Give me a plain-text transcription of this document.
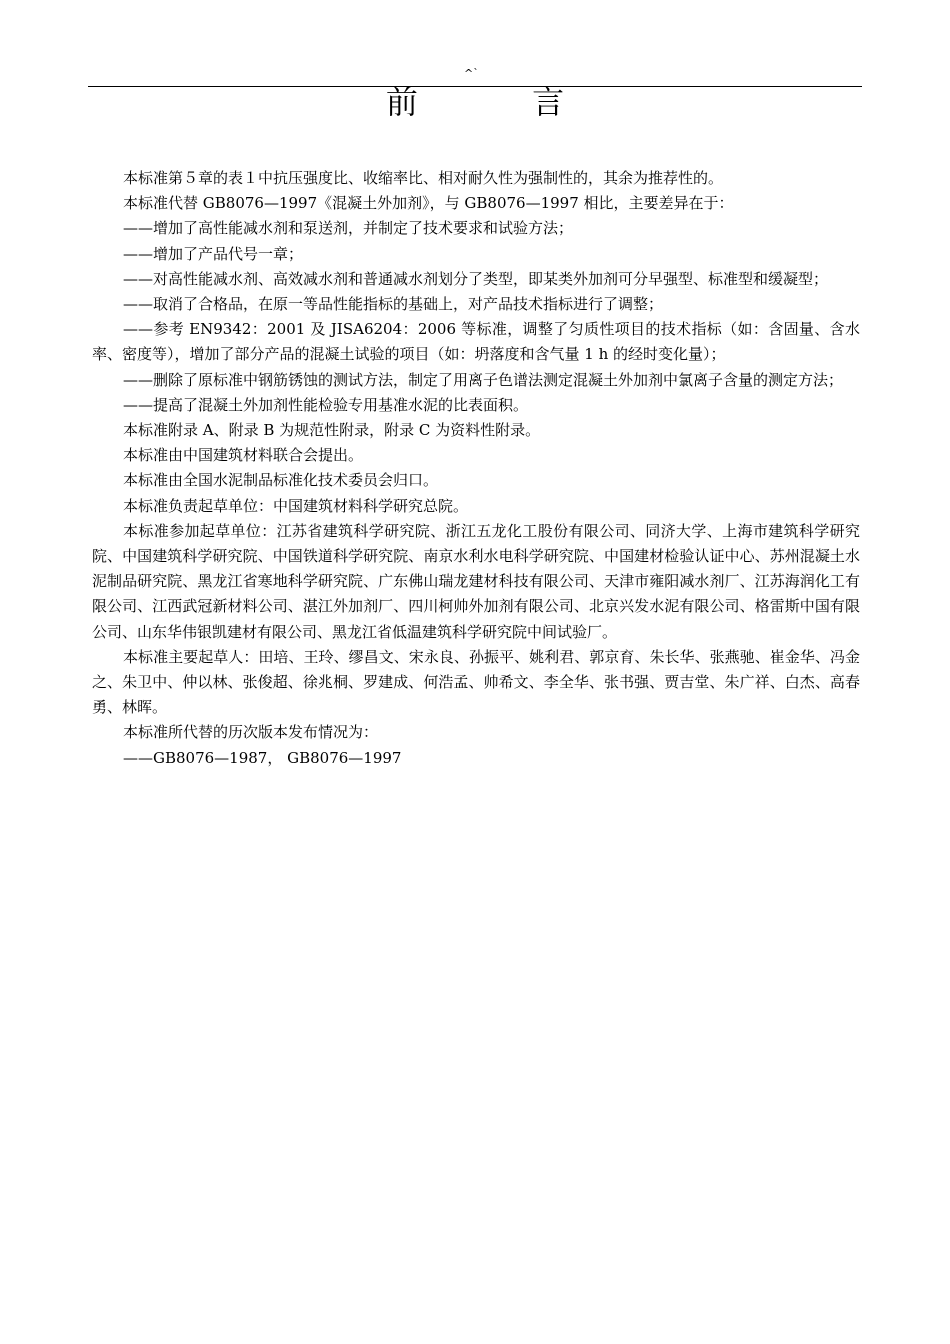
^`
前 言

本标准第５章的表１中抗压强度比、收缩率比、相对耐久性为强制性的，其余为推荐性的。

本标准代替 GB8076—1997《混凝土外加剂》，与 GB8076—1997 相比，主要差异在于：

——增加了高性能减水剂和泵送剂，并制定了技术要求和试验方法；

——增加了产品代号一章；

——对高性能减水剂、高效减水剂和普通减水剂划分了类型，即某类外加剂可分早强型、标准型和缓凝型；

——取消了合格品，在原一等品性能指标的基础上，对产品技术指标进行了调整；

——参考 EN9342：2001 及 JISA6204：2006 等标准，调整了匀质性项目的技术指标（如：含固量、含水率、密度等），增加了部分产品的混凝土试验的项目（如：坍落度和含气量 1 h 的经时变化量）；

——删除了原标准中钢筋锈蚀的测试方法，制定了用离子色谱法测定混凝土外加剂中氯离子含量的测定方法；

——提高了混凝土外加剂性能检验专用基准水泥的比表面积。

本标准附录 A、附录 B 为规范性附录，附录 C 为资料性附录。

本标准由中国建筑材料联合会提出。

本标准由全国水泥制品标准化技术委员会归口。

本标准负责起草单位：中国建筑材料科学研究总院。

本标准参加起草单位：江苏省建筑科学研究院、浙江五龙化工股份有限公司、同济大学、上海市建筑科学研究院、中国建筑科学研究院、中国铁道科学研究院、南京水利水电科学研究院、中国建材检验认证中心、苏州混凝土水泥制品研究院、黑龙江省寒地科学研究院、广东佛山瑞龙建材科技有限公司、天津市雍阳减水剂厂、江苏海润化工有限公司、江西武冠新材料公司、湛江外加剂厂、四川柯帅外加剂有限公司、北京兴发水泥有限公司、格雷斯中国有限公司、山东华伟银凯建材有限公司、黑龙江省低温建筑科学研究院中间试验厂。

本标准主要起草人：田培、王玲、缪昌文、宋永良、孙振平、姚利君、郭京育、朱长华、张燕驰、崔金华、冯金之、朱卫中、仲以林、张俊超、徐兆桐、罗建成、何浩孟、帅希文、李全华、张书强、贾吉堂、朱广祥、白杰、高春勇、林晖。

本标准所代替的历次版本发布情况为：

——GB8076—1987， GB8076—1997
